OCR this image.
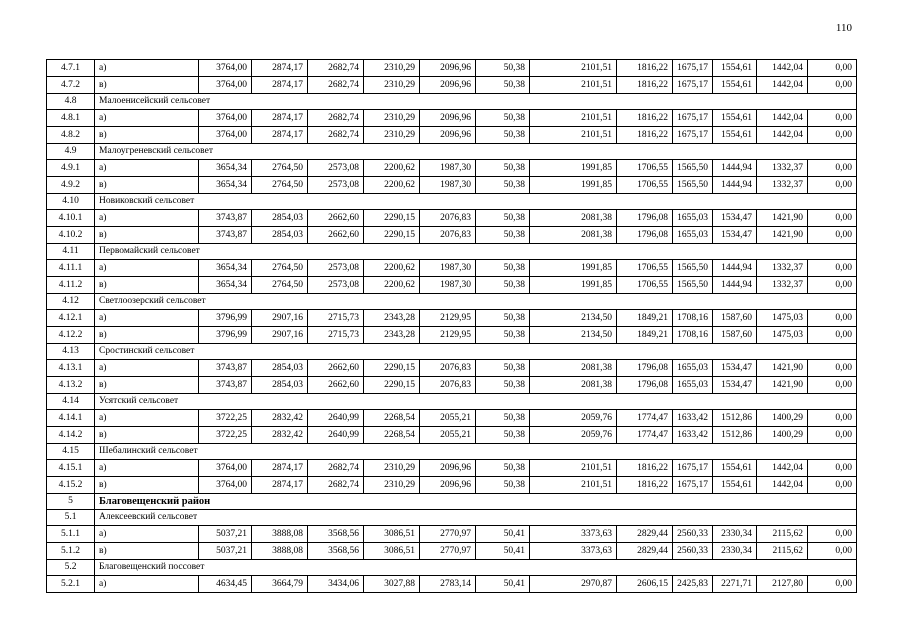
110
4.7.1	а)	3764,00	2874,17	2682,74	2310,29	2096,96	50,38	2101,51	1816,22	1675,17	1554,61	1442,04	0,00
4.7.2	в)	3764,00	2874,17	2682,74	2310,29	2096,96	50,38	2101,51	1816,22	1675,17	1554,61	1442,04	0,00
4.8	Малоенисейский сельсовет												
4.8.1	а)	3764,00	2874,17	2682,74	2310,29	2096,96	50,38	2101,51	1816,22	1675,17	1554,61	1442,04	0,00
4.8.2	в)	3764,00	2874,17	2682,74	2310,29	2096,96	50,38	2101,51	1816,22	1675,17	1554,61	1442,04	0,00
4.9	Малоугреневский сельсовет												
4.9.1	а)	3654,34	2764,50	2573,08	2200,62	1987,30	50,38	1991,85	1706,55	1565,50	1444,94	1332,37	0,00
4.9.2	в)	3654,34	2764,50	2573,08	2200,62	1987,30	50,38	1991,85	1706,55	1565,50	1444,94	1332,37	0,00
4.10	Новиковский сельсовет												
4.10.1	а)	3743,87	2854,03	2662,60	2290,15	2076,83	50,38	2081,38	1796,08	1655,03	1534,47	1421,90	0,00
4.10.2	в)	3743,87	2854,03	2662,60	2290,15	2076,83	50,38	2081,38	1796,08	1655,03	1534,47	1421,90	0,00
4.11	Первомайский сельсовет												
4.11.1	а)	3654,34	2764,50	2573,08	2200,62	1987,30	50,38	1991,85	1706,55	1565,50	1444,94	1332,37	0,00
4.11.2	в)	3654,34	2764,50	2573,08	2200,62	1987,30	50,38	1991,85	1706,55	1565,50	1444,94	1332,37	0,00
4.12	Светлоозерский сельсовет												
4.12.1	а)	3796,99	2907,16	2715,73	2343,28	2129,95	50,38	2134,50	1849,21	1708,16	1587,60	1475,03	0,00
4.12.2	в)	3796,99	2907,16	2715,73	2343,28	2129,95	50,38	2134,50	1849,21	1708,16	1587,60	1475,03	0,00
4.13	Сростинский сельсовет												
4.13.1	а)	3743,87	2854,03	2662,60	2290,15	2076,83	50,38	2081,38	1796,08	1655,03	1534,47	1421,90	0,00
4.13.2	в)	3743,87	2854,03	2662,60	2290,15	2076,83	50,38	2081,38	1796,08	1655,03	1534,47	1421,90	0,00
4.14	Усятский сельсовет												
4.14.1	а)	3722,25	2832,42	2640,99	2268,54	2055,21	50,38	2059,76	1774,47	1633,42	1512,86	1400,29	0,00
4.14.2	в)	3722,25	2832,42	2640,99	2268,54	2055,21	50,38	2059,76	1774,47	1633,42	1512,86	1400,29	0,00
4.15	Шебалинский сельсовет												
4.15.1	а)	3764,00	2874,17	2682,74	2310,29	2096,96	50,38	2101,51	1816,22	1675,17	1554,61	1442,04	0,00
4.15.2	в)	3764,00	2874,17	2682,74	2310,29	2096,96	50,38	2101,51	1816,22	1675,17	1554,61	1442,04	0,00
5	Благовещенский район												
5.1	Алексеевский сельсовет												
5.1.1	а)	5037,21	3888,08	3568,56	3086,51	2770,97	50,41	3373,63	2829,44	2560,33	2330,34	2115,62	0,00
5.1.2	в)	5037,21	3888,08	3568,56	3086,51	2770,97	50,41	3373,63	2829,44	2560,33	2330,34	2115,62	0,00
5.2	Благовещенский поссовет												
5.2.1	а)	4634,45	3664,79	3434,06	3027,88	2783,14	50,41	2970,87	2606,15	2425,83	2271,71	2127,80	0,00
